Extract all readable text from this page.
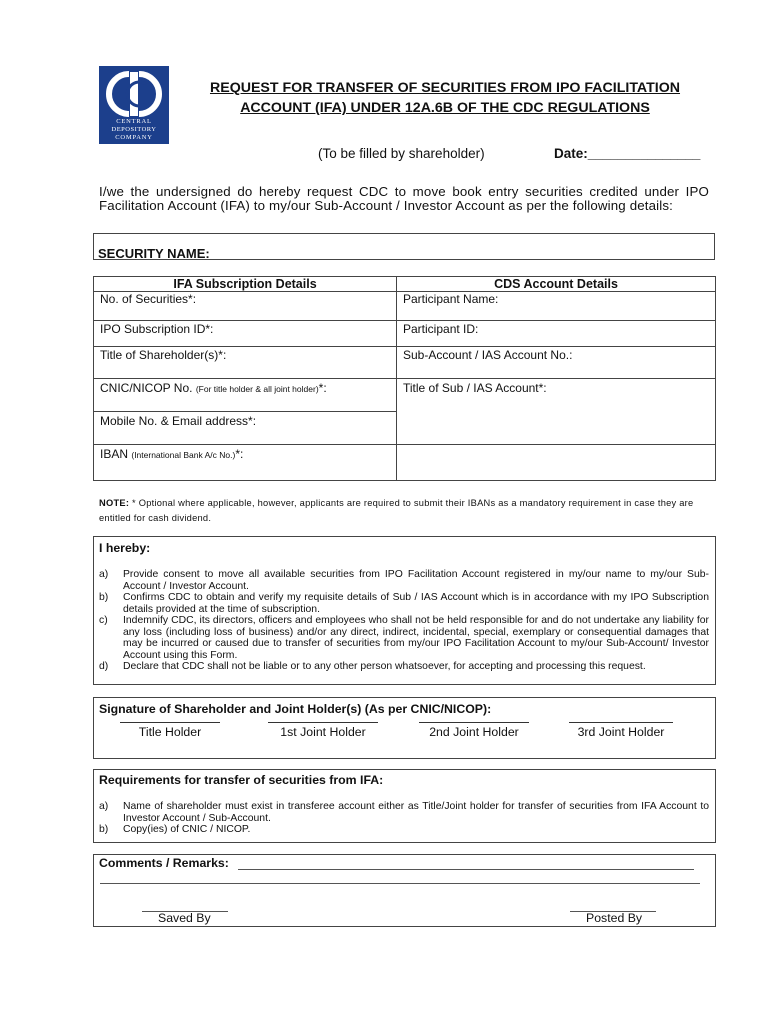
CENTRAL
DEPOSITORY
COMPANY
REQUEST FOR TRANSFER OF SECURITIES FROM IPO FACILITATION
ACCOUNT (IFA) UNDER 12A.6B OF THE CDC REGULATIONS
(To be filled by shareholder)	Date:_______________
I/we the undersigned do hereby request CDC to move book entry securities credited under IPO Facilitation Account (IFA) to my/our Sub-Account / Investor Account as per the following details:
SECURITY NAME:
IFA Subscription Details	CDS Account Details
No. of Securities*:	Participant Name:
IPO Subscription ID*:	Participant ID:
Title of Shareholder(s)*:	Sub-Account / IAS Account No.:
CNIC/NICOP No. (For title holder & all joint holder)*:	Title of Sub / IAS Account*:
Mobile No. & Email address*:	
IBAN (International Bank A/c No.)*:	
NOTE: * Optional where applicable, however, applicants are required to submit their IBANs as a mandatory requirement in case they are entitled for cash dividend.
I hereby:
a) Provide consent to move all available securities from IPO Facilitation Account registered in my/our name to my/our Sub-Account / Investor Account.
b) Confirms CDC to obtain and verify my requisite details of Sub / IAS Account which is in accordance with my IPO Subscription details provided at the time of subscription.
c) Indemnify CDC, its directors, officers and employees who shall not be held responsible for and do not undertake any liability for any loss (including loss of business) and/or any direct, indirect, incidental, special, exemplary or consequential damages that may be incurred or caused due to transfer of securities from my/our IPO Facilitation Account to my/our Sub-Account/ Investor Account using this Form.
d) Declare that CDC shall not be liable or to any other person whatsoever, for accepting and processing this request.
Signature of Shareholder and Joint Holder(s) (As per CNIC/NICOP):
Title Holder	1st Joint Holder	2nd Joint Holder	3rd Joint Holder
Requirements for transfer of securities from IFA:
a) Name of shareholder must exist in transferee account either as Title/Joint holder for transfer of securities from IFA Account to Investor Account / Sub-Account.
b) Copy(ies) of CNIC / NICOP.
Comments / Remarks:
Saved By	Posted By
